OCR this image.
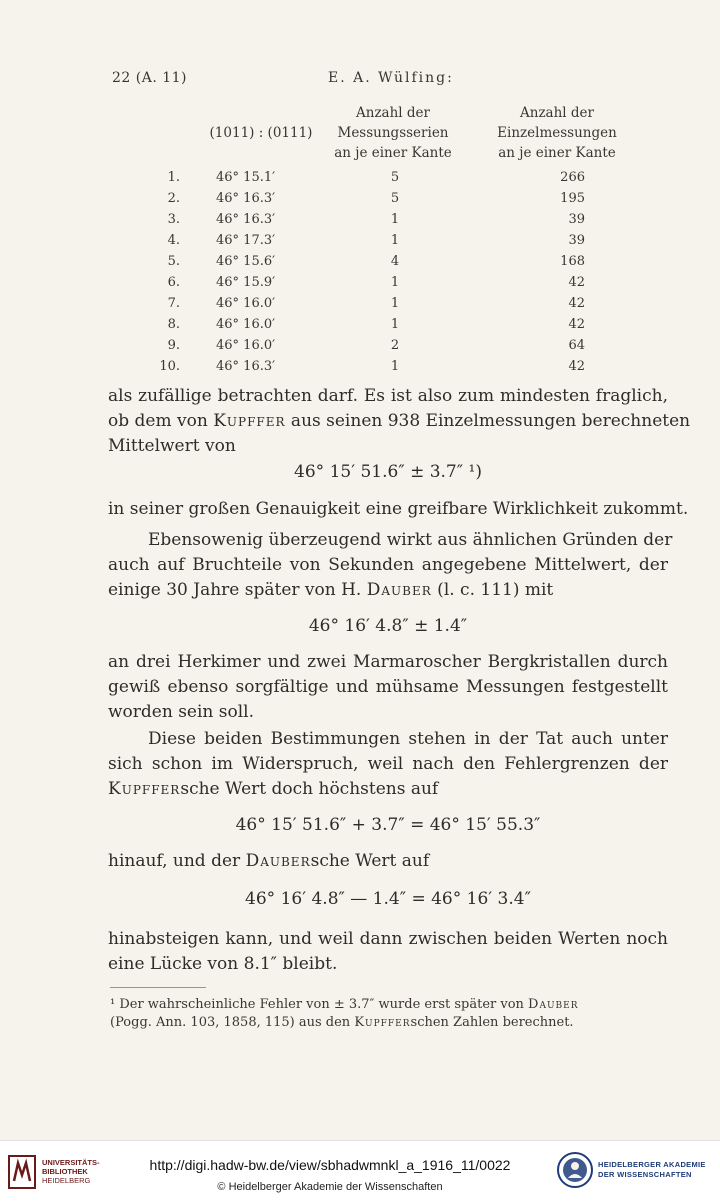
22 (A. 11)	E. A. Wülfing:
(1011) : (0111)
Anzahl der
Messungsserien
an je einer Kante
Anzahl der
Einzelmessungen
an je einer Kante
1.	46° 15.1′	5	266
2.	46° 16.3′	5	195
3.	46° 16.3′	1	39
4.	46° 17.3′	1	39
5.	46° 15.6′	4	168
6.	46° 15.9′	1	42
7.	46° 16.0′	1	42
8.	46° 16.0′	1	42
9.	46° 16.0′	2	64
10.	46° 16.3′	1	42
als zufällige betrachten darf. Es ist also zum mindesten fraglich,
ob dem von Kupffer aus seinen 938 Einzelmessungen berechneten
Mittelwert von
46° 15′ 51.6″ ± 3.7″ ¹)
in seiner großen Genauigkeit eine greifbare Wirklichkeit zukommt.
Ebensowenig überzeugend wirkt aus ähnlichen Gründen der
auch auf Bruchteile von Sekunden angegebene Mittelwert, der
einige 30 Jahre später von H. Dauber (l. c. 111) mit
46° 16′ 4.8″ ± 1.4″
an drei Herkimer und zwei Marmaroscher Bergkristallen durch
gewiß ebenso sorgfältige und mühsame Messungen festgestellt
worden sein soll.
Diese beiden Bestimmungen stehen in der Tat auch unter
sich schon im Widerspruch, weil nach den Fehlergrenzen der
Kupffersche Wert doch höchstens auf
46° 15′ 51.6″ + 3.7″ = 46° 15′ 55.3″
hinauf, und der Daubersche Wert auf
46° 16′ 4.8″ — 1.4″ = 46° 16′ 3.4″
hinabsteigen kann, und weil dann zwischen beiden Werten noch
eine Lücke von 8.1″ bleibt.
¹ Der wahrscheinliche Fehler von ± 3.7″ wurde erst später von Dauber
(Pogg. Ann. 103, 1858, 115) aus den Kupfferschen Zahlen berechnet.
UNIVERSITÄTS-
BIBLIOTHEK
HEIDELBERG
http://digi.hadw-bw.de/view/sbhadwmnkl_a_1916_11/0022
© Heidelberger Akademie der Wissenschaften
HEIDELBERGER AKADEMIE
DER WISSENSCHAFTEN
